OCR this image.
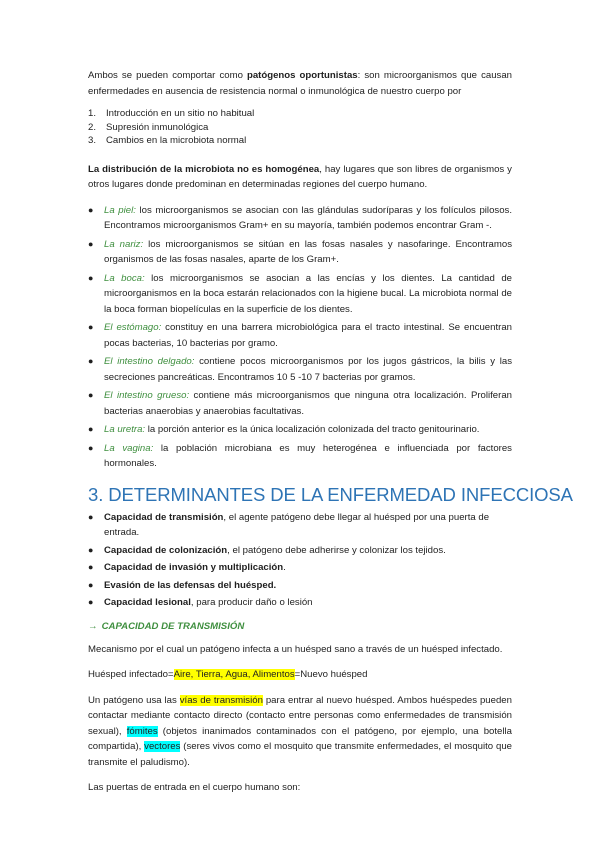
Ambos se pueden comportar como patógenos oportunistas: son microorganismos que causan enfermedades en ausencia de resistencia normal o inmunológica de nuestro cuerpo por

1.	Introducción en un sitio no habitual
2.	Supresión inmunológica
3.	Cambios en la microbiota normal

La distribución de la microbiota no es homogénea, hay lugares que son libres de organismos y otros lugares donde predominan en determinadas regiones del cuerpo humano.

●	La piel: los microorganismos se asocian con las glándulas sudoríparas y los folículos pilosos. Encontramos microorganismos Gram+ en su mayoría, también podemos encontrar Gram -.
●	La nariz: los microorganismos se sitúan en las fosas nasales y nasofaringe. Encontramos organismos de las fosas nasales, aparte de los Gram+.
●	La boca: los microorganismos se asocian a las encías y los dientes. La cantidad de microorganismos en la boca estarán relacionados con la higiene bucal. La microbiota normal de la boca forman biopelículas en la superficie de los dientes.
●	El estómago: constituy en una barrera microbiológica para el tracto intestinal. Se encuentran pocas bacterias, 10 bacterias por gramo.
●	El intestino delgado: contiene pocos microorganismos por los jugos gástricos, la bilis y las secreciones pancreáticas. Encontramos 10 5 -10 7 bacterias por gramos.
●	El intestino grueso: contiene más microorganismos que ninguna otra localización. Proliferan bacterias anaerobias y anaerobias facultativas.
●	La uretra: la porción anterior es la única localización colonizada del tracto genitourinario.
●	La vagina: la población microbiana es muy heterogénea e influenciada por factores hormonales.
3. DETERMINANTES DE LA ENFERMEDAD INFECCIOSA
●	Capacidad de transmisión, el agente patógeno debe llegar al huésped por una puerta de entrada.
●	Capacidad de colonización, el patógeno debe adherirse y colonizar los tejidos.
●	Capacidad de invasión y multiplicación.
●	Evasión de las defensas del huésped.
●	Capacidad lesional, para producir daño o lesión
→ CAPACIDAD DE TRANSMISIÓN

Mecanismo por el cual un patógeno infecta a un huésped sano a través de un huésped infectado.

Huésped infectado=Aire, Tierra, Agua, Alimentos=Nuevo huésped

Un patógeno usa las vías de transmisión para entrar al nuevo huésped. Ambos huéspedes pueden contactar mediante contacto directo (contacto entre personas como enfermedades de transmisión sexual), fómites (objetos inanimados contaminados con el patógeno, por ejemplo, una botella compartida), vectores (seres vivos como el mosquito que transmite enfermedades, el mosquito que transmite el paludismo).

Las puertas de entrada en el cuerpo humano son:
